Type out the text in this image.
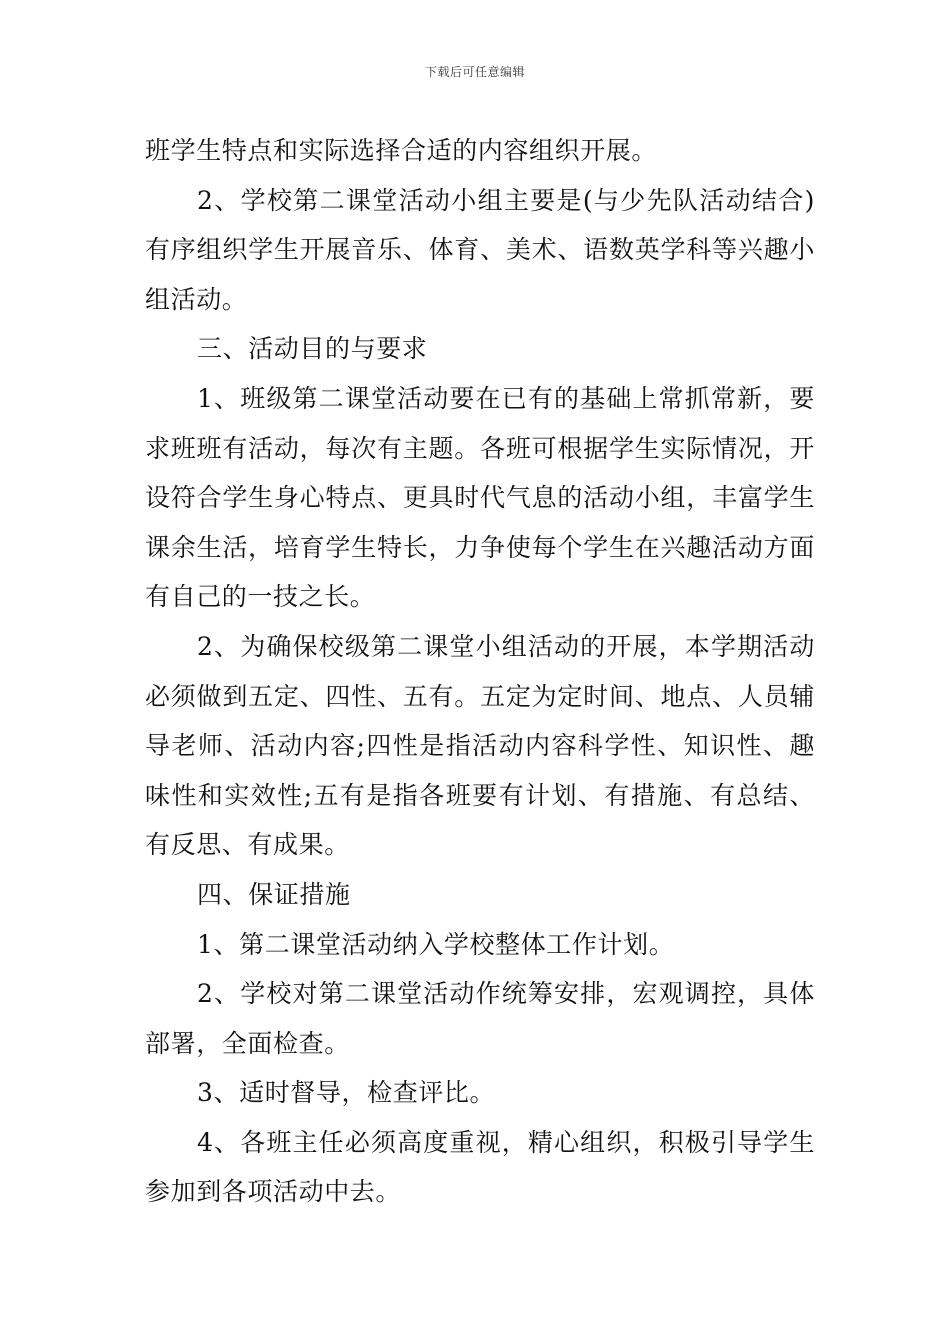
下载后可任意编辑

班学生特点和实际选择合适的内容组织开展。

2、学校第二课堂活动小组主要是(与少先队活动结合)有序组织学生开展音乐、体育、美术、语数英学科等兴趣小组活动。

三、活动目的与要求

1、班级第二课堂活动要在已有的基础上常抓常新，要求班班有活动，每次有主题。各班可根据学生实际情况，开设符合学生身心特点、更具时代气息的活动小组，丰富学生课余生活，培育学生特长，力争使每个学生在兴趣活动方面有自己的一技之长。

2、为确保校级第二课堂小组活动的开展，本学期活动必须做到五定、四性、五有。五定为定时间、地点、人员辅导老师、活动内容;四性是指活动内容科学性、知识性、趣味性和实效性;五有是指各班要有计划、有措施、有总结、有反思、有成果。

四、保证措施

1、第二课堂活动纳入学校整体工作计划。

2、学校对第二课堂活动作统筹安排，宏观调控，具体部署，全面检查。

3、适时督导，检查评比。

4、各班主任必须高度重视，精心组织，积极引导学生参加到各项活动中去。
